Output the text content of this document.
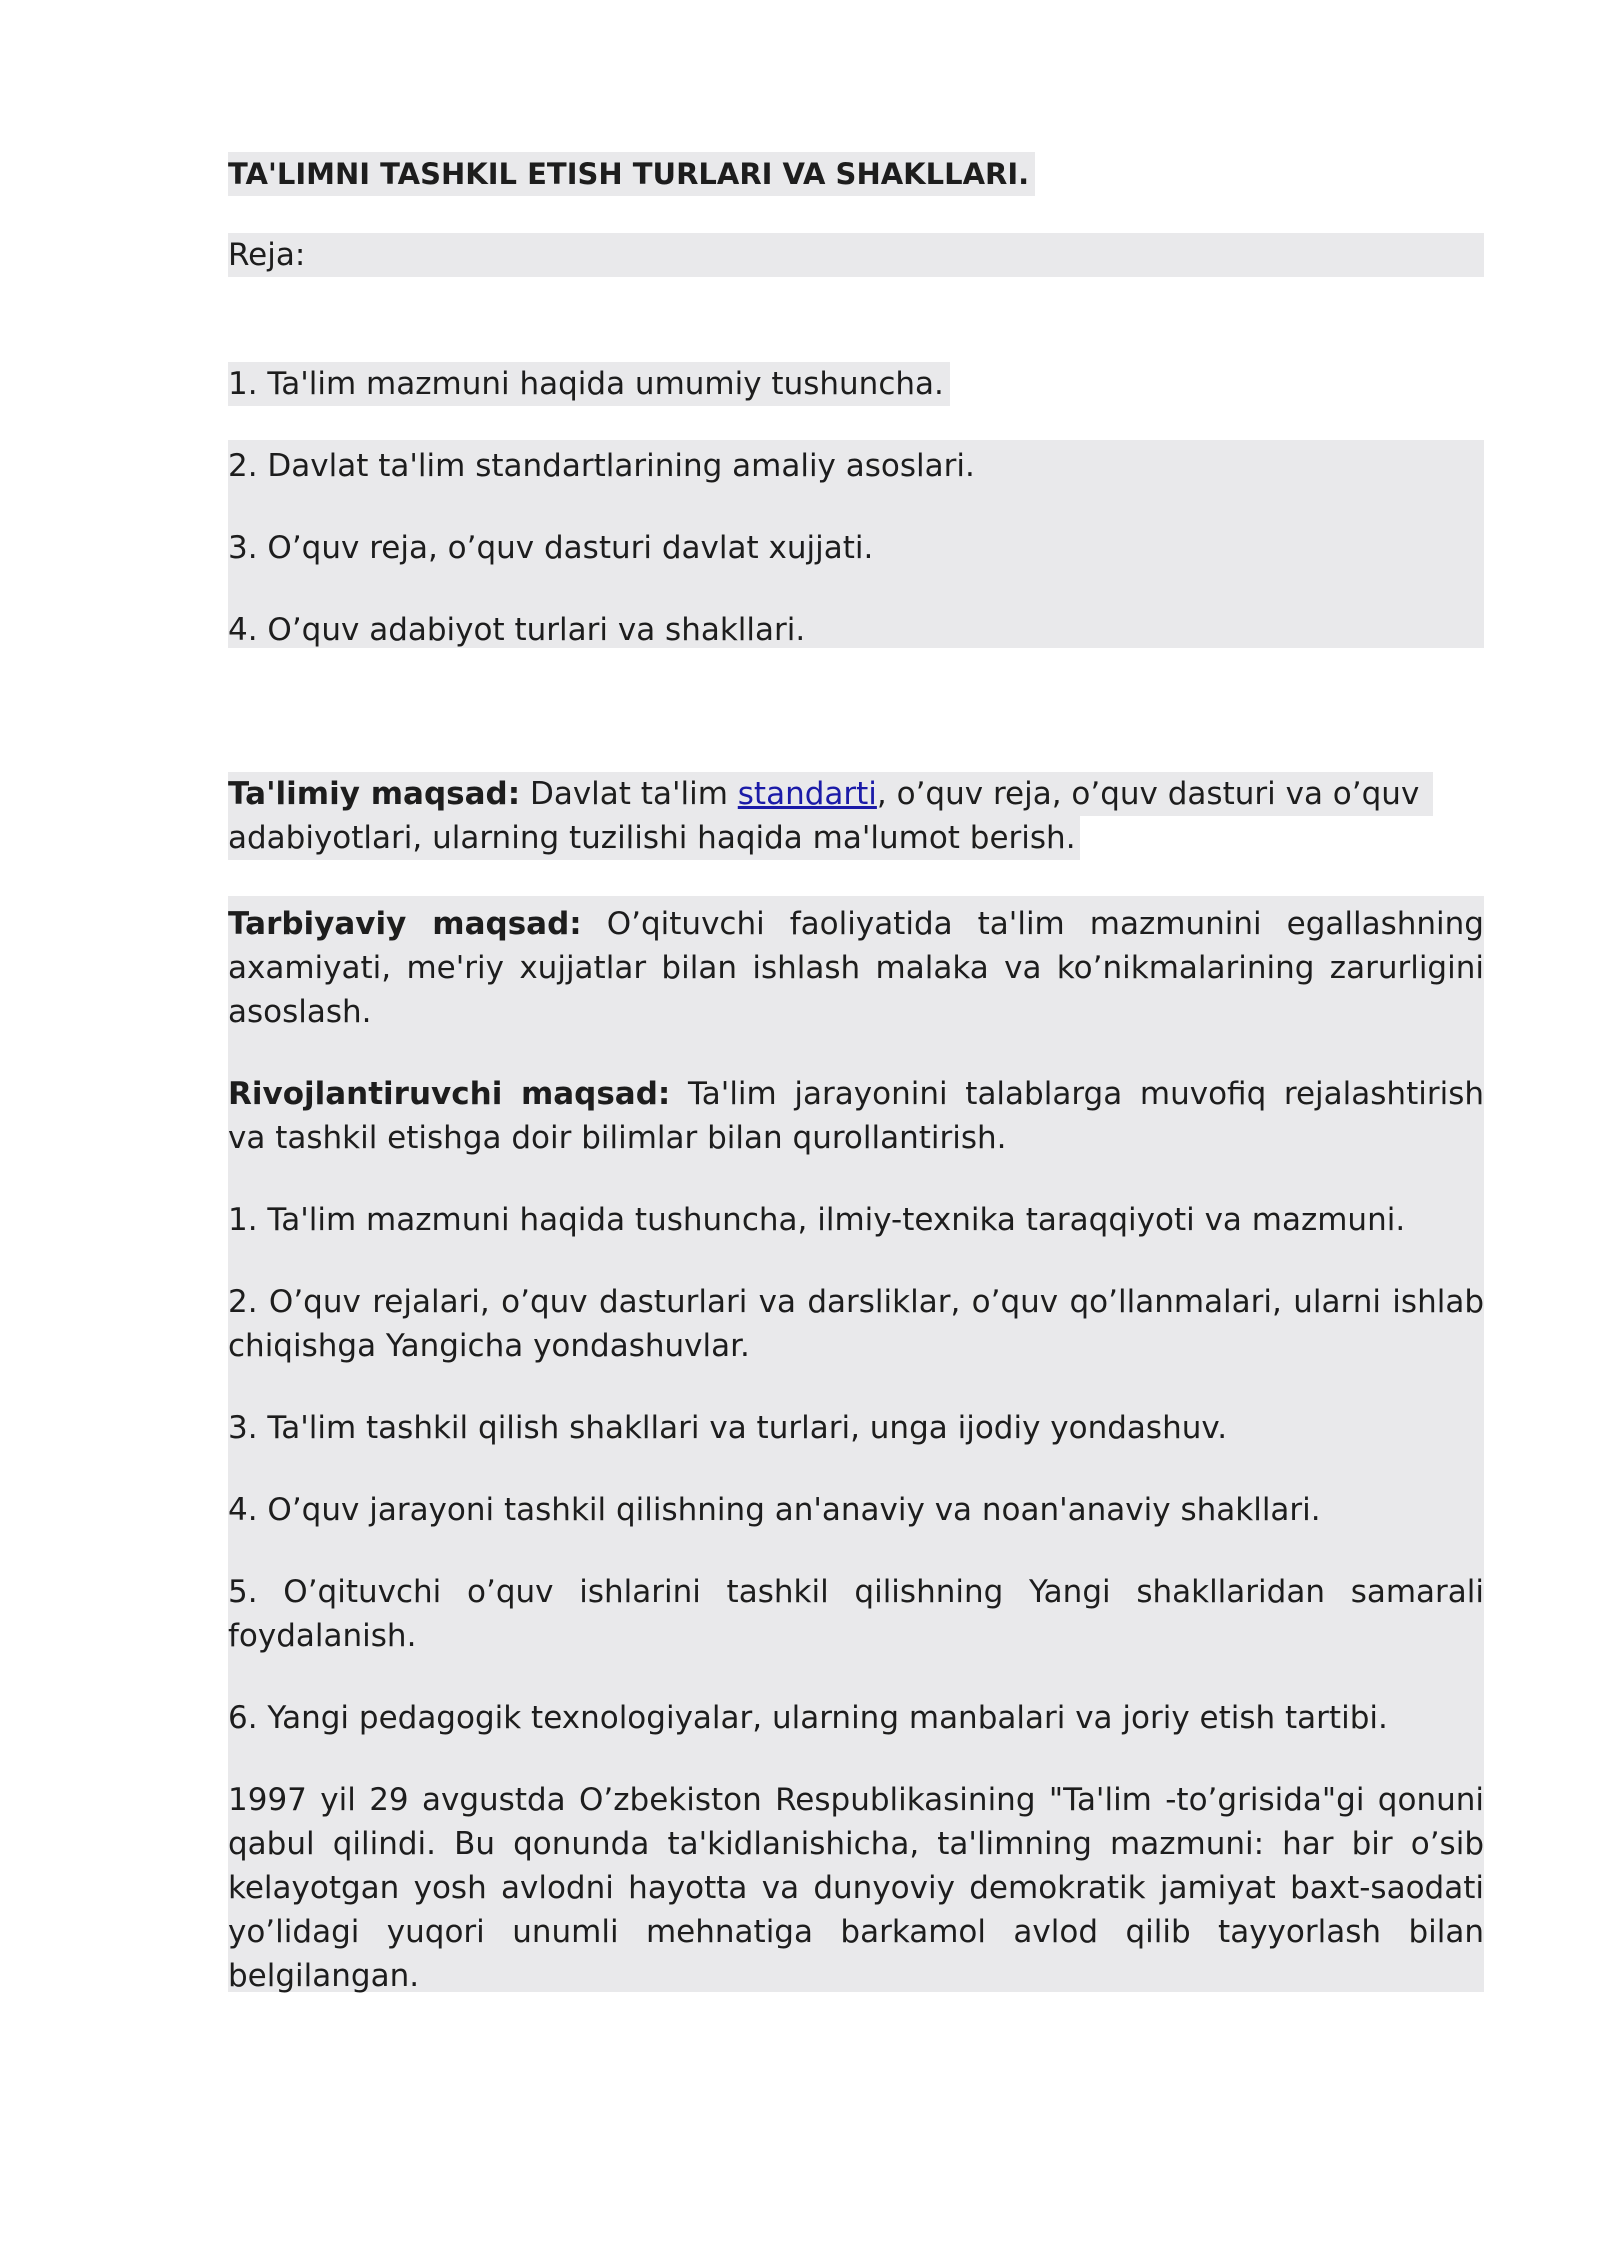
TA'LIMNI TASHKIL ETISH TURLARI VA SHAKLLARI.
Reja:
1. Ta'lim mazmuni haqida umumiy tushuncha.
2. Davlat ta'lim standartlarining amaliy asoslari.
3. O’quv reja, o’quv dasturi davlat xujjati.
4. O’quv adabiyot turlari va shakllari.
Ta'limiy maqsad: Davlat ta'lim standarti, o’quv reja, o’quv dasturi va o’quv
adabiyotlari, ularning tuzilishi haqida ma'lumot berish.
Tarbiyaviy maqsad: O’qituvchi faoliyatida ta'lim mazmunini egallashning axamiyati, me'riy xujjatlar bilan ishlash malaka va ko’nikmalarining zarurligini asoslash.
Rivojlantiruvchi maqsad: Ta'lim jarayonini talablarga muvofiq rejalashtirish va tashkil etishga doir bilimlar bilan qurollantirish.
1. Ta'lim mazmuni haqida tushuncha, ilmiy-texnika taraqqiyoti va mazmuni.
2. O’quv rejalari, o’quv dasturlari va darsliklar, o’quv qo’llanmalari, ularni ishlab chiqishga Yangicha yondashuvlar.
3. Ta'lim tashkil qilish shakllari va turlari, unga ijodiy yondashuv.
4. O’quv jarayoni tashkil qilishning an'anaviy va noan'anaviy shakllari.
5. O’qituvchi o’quv ishlarini tashkil qilishning Yangi shakllaridan samarali foydalanish.
6. Yangi pedagogik texnologiyalar, ularning manbalari va joriy etish tartibi.
1997 yil 29 avgustda O’zbekiston Respublikasining "Ta'lim -to’grisida"gi qonuni qabul qilindi. Bu qonunda ta'kidlanishicha, ta'limning mazmuni: har bir o’sib kelayotgan yosh avlodni hayotta va dunyoviy demokratik jamiyat baxt-saodati yo’lidagi yuqori unumli mehnatiga barkamol avlod qilib tayyorlash bilan belgilangan.
